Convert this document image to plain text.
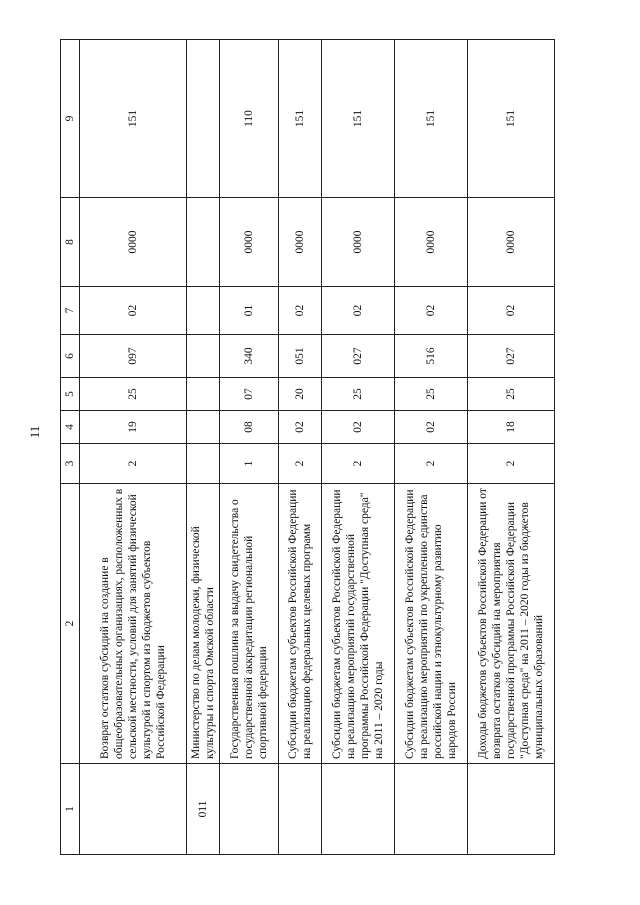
11
1	2	3	4	5	6	7	8	9
	Возврат остатков субсидий на создание в общеобразовательных организациях, расположенных в сельской местности, условий для занятий физической культурой и спортом из бюджетов субъектов Российской Федерации	2	19	25	097	02	0000	151
011	Министерство по делам молодежи, физической культуры и спорта Омской области							
	Государственная пошлина за выдачу свидетельства о государственной аккредитации региональной спортивной федерации	1	08	07	340	01	0000	110
	Субсидии бюджетам субъектов Российской Федерации на реализацию федеральных целевых программ	2	02	20	051	02	0000	151
	Субсидии бюджетам субъектов Российской Федерации на реализацию мероприятий государственной программы Российской Федерации "Доступная среда" на 2011 – 2020 годы	2	02	25	027	02	0000	151
	Субсидии бюджетам субъектов Российской Федерации на реализацию мероприятий по укреплению единства российской нации и этнокультурному развитию народов России	2	02	25	516	02	0000	151
	Доходы бюджетов субъектов Российской Федерации от возврата остатков субсидий на мероприятия государственной программы Российской Федерации "Доступная среда" на 2011 – 2020 годы из бюджетов муниципальных образований	2	18	25	027	02	0000	151
